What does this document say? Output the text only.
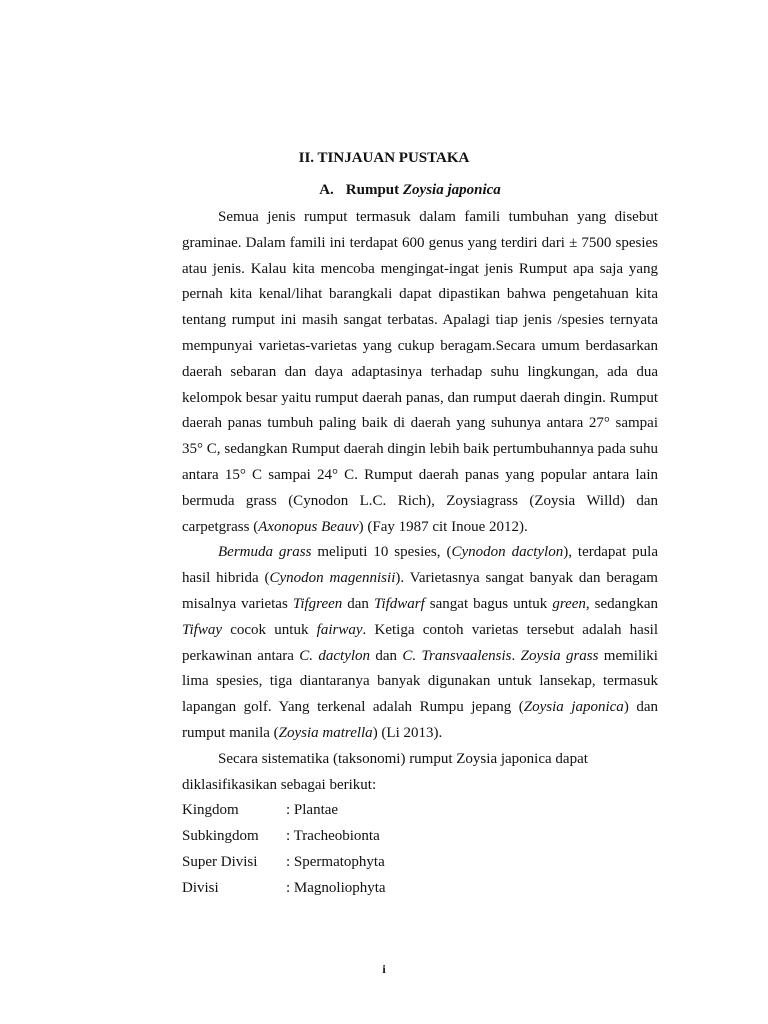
II. TINJAUAN PUSTAKA
A. Rumput Zoysia japonica

Semua jenis rumput termasuk dalam famili tumbuhan yang disebut graminae. Dalam famili ini terdapat 600 genus yang terdiri dari ± 7500 spesies atau jenis. Kalau kita mencoba mengingat-ingat jenis Rumput apa saja yang pernah kita kenal/lihat barangkali dapat dipastikan bahwa pengetahuan kita tentang rumput ini masih sangat terbatas. Apalagi tiap jenis /spesies ternyata mempunyai varietas-varietas yang cukup beragam.Secara umum berdasarkan daerah sebaran dan daya adaptasinya terhadap suhu lingkungan, ada dua kelompok besar yaitu rumput daerah panas, dan rumput daerah dingin. Rumput daerah panas tumbuh paling baik di daerah yang suhunya antara 27° sampai 35° C, sedangkan Rumput daerah dingin lebih baik pertumbuhannya pada suhu antara 15° C sampai 24° C. Rumput daerah panas yang popular antara lain bermuda grass (Cynodon L.C. Rich), Zoysiagrass (Zoysia Willd) dan carpetgrass (Axonopus Beauv) (Fay 1987 cit Inoue 2012).

Bermuda grass meliputi 10 spesies, (Cynodon dactylon), terdapat pula hasil hibrida (Cynodon magennisii). Varietasnya sangat banyak dan beragam misalnya varietas Tifgreen dan Tifdwarf sangat bagus untuk green, sedangkan Tifway cocok untuk fairway. Ketiga contoh varietas tersebut adalah hasil perkawinan antara C. dactylon dan C. Transvaalensis. Zoysia grass memiliki lima spesies, tiga diantaranya banyak digunakan untuk lansekap, termasuk lapangan golf. Yang terkenal adalah Rumpu jepang (Zoysia japonica) dan rumput manila (Zoysia matrella) (Li 2013).

Secara sistematika (taksonomi) rumput Zoysia japonica dapat

diklasifikasikan sebagai berikut:

Kingdom	: Plantae
Subkingdom	: Tracheobionta
Super Divisi	: Spermatophyta
Divisi	: Magnoliophyta
i
